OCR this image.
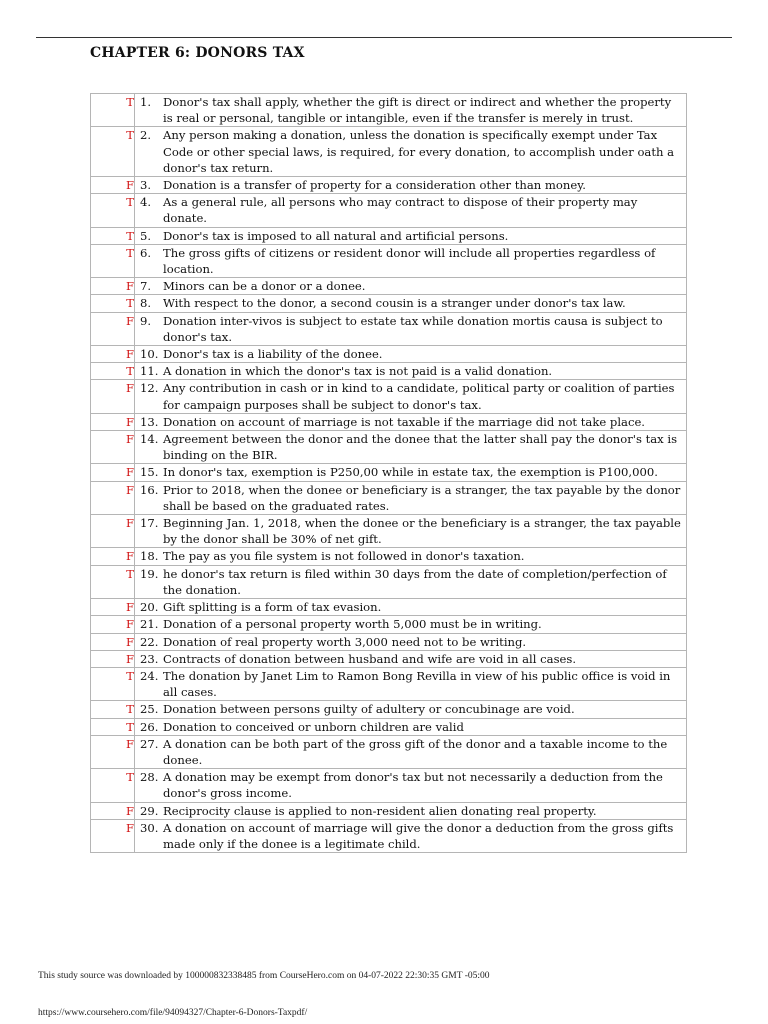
CHAPTER 6: DONORS TAX
T	1. Donor's tax shall apply, whether the gift is direct or indirect and whether the property is real or personal, tangible or intangible, even if the transfer is merely in trust.

T	2. Any person making a donation, unless the donation is specifically exempt under Tax Code or other special laws, is required, for every donation, to accomplish under oath a donor's tax return.

F	3. Donation is a transfer of property for a consideration other than money.

T	4. As a general rule, all persons who may contract to dispose of their property may donate.

T	5. Donor's tax is imposed to all natural and artificial persons.

T	6. The gross gifts of citizens or resident donor will include all properties regardless of location.

F	7. Minors can be a donor or a donee.

T	8. With respect to the donor, a second cousin is a stranger under donor's tax law.

F	9. Donation inter-vivos is subject to estate tax while donation mortis causa is subject to donor's tax.

F	10. Donor's tax is a liability of the donee.

T	11. A donation in which the donor's tax is not paid is a valid donation.

F	12. Any contribution in cash or in kind to a candidate, political party or coalition of parties for campaign purposes shall be subject to donor's tax.

F	13. Donation on account of marriage is not taxable if the marriage did not take place.

F	14. Agreement between the donor and the donee that the latter shall pay the donor's tax is binding on the BIR.

F	15. In donor's tax, exemption is P250,00 while in estate tax, the exemption is P100,000.

F	16. Prior to 2018, when the donee or beneficiary is a stranger, the tax payable by the donor shall be based on the graduated rates.

F	17. Beginning Jan. 1, 2018, when the donee or the beneficiary is a stranger, the tax payable by the donor shall be 30% of net gift.

F	18. The pay as you file system is not followed in donor's taxation.

T	19. he donor's tax return is filed within 30 days from the date of completion/perfection of the donation.

F	20. Gift splitting is a form of tax evasion.

F	21. Donation of a personal property worth 5,000 must be in writing.

F	22. Donation of real property worth 3,000 need not to be writing.

F	23. Contracts of donation between husband and wife are void in all cases.

T	24. The donation by Janet Lim to Ramon Bong Revilla in view of his public office is void in all cases.

T	25. Donation between persons guilty of adultery or concubinage are void.

T	26. Donation to conceived or unborn children are valid

F	27. A donation can be both part of the gross gift of the donor and a taxable income to the donee.

T	28. A donation may be exempt from donor's tax but not necessarily a deduction from the donor's gross income.

F	29. Reciprocity clause is applied to non-resident alien donating real property.

F	30. A donation on account of marriage will give the donor a deduction from the gross gifts made only if the donee is a legitimate child.
This study source was downloaded by 100000832338485 from CourseHero.com on 04-07-2022 22:30:35 GMT -05:00
https://www.coursehero.com/file/94094327/Chapter-6-Donors-Taxpdf/
